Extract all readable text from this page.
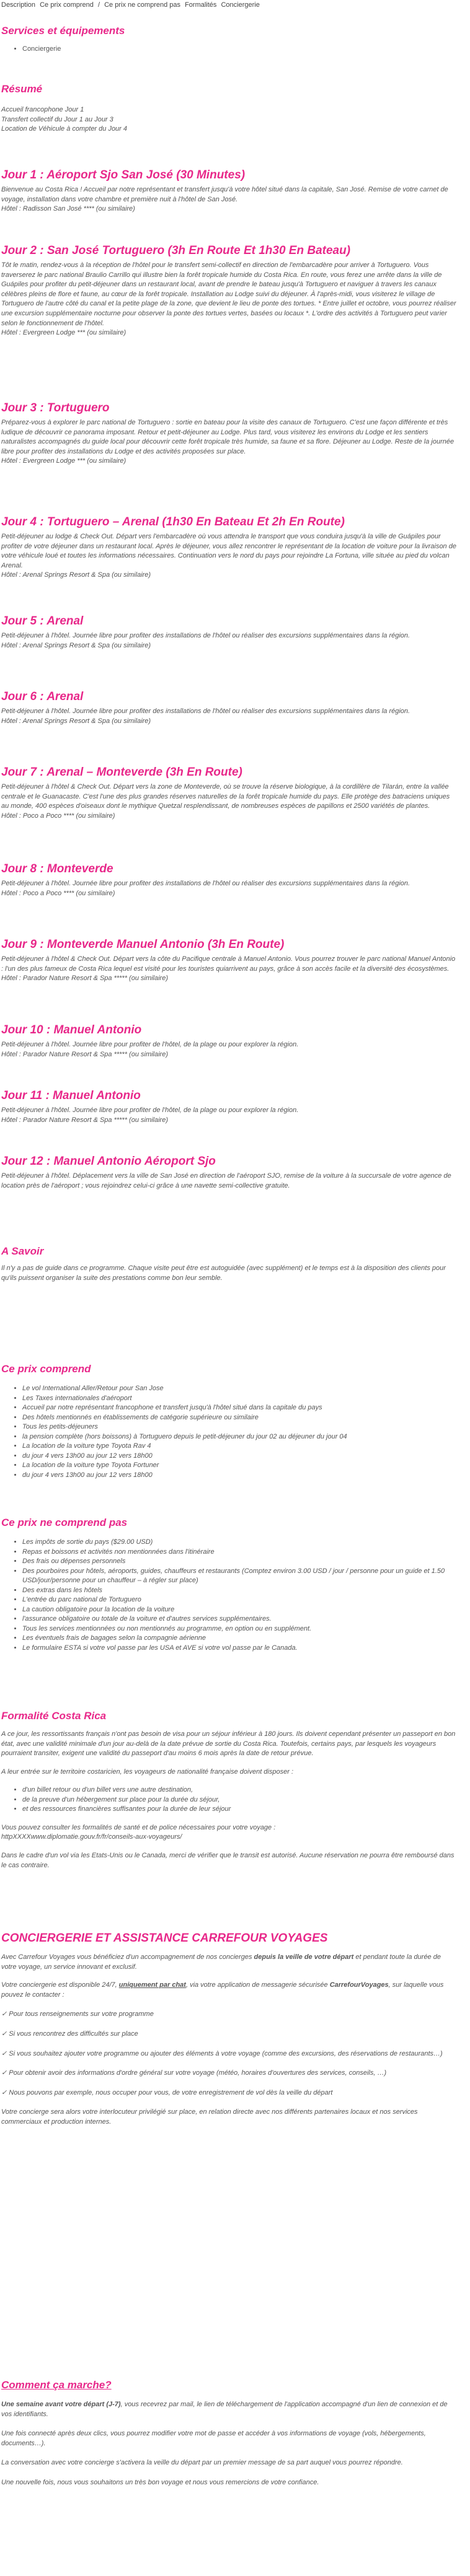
Description Ce prix comprend / Ce prix ne comprend pas Formalités Conciergerie
Services et équipements
• Conciergerie
Résumé

Accueil francophone Jour 1

Transfert collectif du Jour 1 au Jour 3

Location de Véhicule à compter du Jour 4

Jour 1 : Aéroport Sjo San José (30 Minutes)

Bienvenue au Costa Rica ! Accueil par notre représentant et transfert jusqu'à votre hôtel situé dans la capitale, San José. Remise de votre carnet de voyage, installation dans votre chambre et première nuit à l'hôtel de San José.

Hôtel : Radisson San José **** (ou similaire)

Jour 2 : San José Tortuguero (3h En Route Et 1h30 En Bateau)

Tôt le matin, rendez-vous à la réception de l'hôtel pour le transfert semi-collectif en direction de l'embarcadère pour arriver à Tortuguero. Vous traverserez le parc national Braulio Carrillo qui illustre bien la forêt tropicale humide du Costa Rica. En route, vous ferez une arrête dans la ville de Guápiles pour profiter du petit-déjeuner dans un restaurant local, avant de prendre le bateau jusqu'à Tortuguero et naviguer à travers les canaux célèbres pleins de flore et faune, au cœur de la forêt tropicale. Installation au Lodge suivi du déjeuner. À l'après-midi, vous visiterez le village de Tortuguero de l'autre côté du canal et la petite plage de la zone, que devient le lieu de ponte des tortues. * Entre juillet et octobre, vous pourrez réaliser une excursion supplémentaire nocturne pour observer la ponte des tortues vertes, basées ou locaux *. L'ordre des activités à Tortuguero peut varier selon le fonctionnement de l'hôtel.

Hôtel : Evergreen Lodge *** (ou similaire)

Jour 3 : Tortuguero

Préparez-vous à explorer le parc national de Tortuguero : sortie en bateau pour la visite des canaux de Tortuguero. C'est une façon différente et très ludique de découvrir ce panorama imposant. Retour et petit-déjeuner au Lodge. Plus tard, vous visiterez les environs du Lodge et les sentiers naturalistes accompagnés du guide local pour découvrir cette forêt tropicale très humide, sa faune et sa flore. Déjeuner au Lodge. Reste de la journée libre pour profiter des installations du Lodge et des activités proposées sur place.

Hôtel : Evergreen Lodge *** (ou similaire)

Jour 4 : Tortuguero – Arenal (1h30 En Bateau Et 2h En Route)

Petit-déjeuner au lodge & Check Out. Départ vers l'embarcadère où vous attendra le transport que vous conduira jusqu'à la ville de Guápiles pour profiter de votre déjeuner dans un restaurant local. Après le déjeuner, vous allez rencontrer le représentant de la location de voiture pour la livraison de votre véhicule loué et toutes les informations nécessaires. Continuation vers le nord du pays pour rejoindre La Fortuna, ville située au pied du volcan Arenal.

Hôtel : Arenal Springs Resort & Spa (ou similaire)

Jour 5 : Arenal

Petit-déjeuner à l'hôtel. Journée libre pour profiter des installations de l'hôtel ou réaliser des excursions supplémentaires dans la région.

Hôtel : Arenal Springs Resort & Spa (ou similaire)

Jour 6 : Arenal

Petit-déjeuner à l'hôtel. Journée libre pour profiter des installations de l'hôtel ou réaliser des excursions supplémentaires dans la région.

Hôtel : Arenal Springs Resort & Spa (ou similaire)

Jour 7 : Arenal – Monteverde (3h En Route)

Petit-déjeuner à l'hôtel & Check Out. Départ vers la zone de Monteverde, où se trouve la réserve biologique, à la cordillère de Tilarán, entre la vallée centrale et le Guanacaste. C'est l'une des plus grandes réserves naturelles de la forêt tropicale humide du pays. Elle protège des batraciens uniques au monde, 400 espèces d'oiseaux dont le mythique Quetzal resplendissant, de nombreuses espèces de papillons et 2500 variétés de plantes.

Hôtel : Poco a Poco **** (ou similaire)

Jour 8 : Monteverde

Petit-déjeuner à l'hôtel. Journée libre pour profiter des installations de l'hôtel ou réaliser des excursions supplémentaires dans la région.

Hôtel : Poco a Poco **** (ou similaire)

Jour 9 : Monteverde Manuel Antonio (3h En Route)

Petit-déjeuner à l'hôtel & Check Out. Départ vers la côte du Pacifique centrale à Manuel Antonio. Vous pourrez trouver le parc national Manuel Antonio : l'un des plus fameux de Costa Rica lequel est visité pour les touristes quiarrivent au pays, grâce à son accès facile et la diversité des écosystèmes.

Hôtel : Parador Nature Resort & Spa ***** (ou similaire)

Jour 10 : Manuel Antonio

Petit-déjeuner à l'hôtel. Journée libre pour profiter de l'hôtel, de la plage ou pour explorer la région.

Hôtel : Parador Nature Resort & Spa ***** (ou similaire)

Jour 11 : Manuel Antonio

Petit-déjeuner à l'hôtel. Journée libre pour profiter de l'hôtel, de la plage ou pour explorer la région.

Hôtel : Parador Nature Resort & Spa ***** (ou similaire)

Jour 12 : Manuel Antonio Aéroport Sjo

Petit-déjeuner à l'hôtel. Déplacement vers la ville de San José en direction de l'aéroport SJO, remise de la voiture à la succursale de votre agence de location près de l'aéroport ; vous rejoindrez celui-ci grâce à une navette semi-collective gratuite.

A Savoir

Il n'y a pas de guide dans ce programme. Chaque visite peut être est autoguidée (avec supplément) et le temps est à la disposition des clients pour qu'ils puissent organiser la suite des prestations comme bon leur semble.

Ce prix comprend
• Le vol International Aller/Retour pour San Jose
• Les Taxes internationales d'aéroport
• Accueil par notre représentant francophone et transfert jusqu'à l'hôtel situé dans la capitale du pays
• Des hôtels mentionnés en établissements de catégorie supérieure ou similaire
• Tous les petits-déjeuners
• la pension complète (hors boissons) à Tortuguero depuis le petit-déjeuner du jour 02 au déjeuner du jour 04
• La location de la voiture type Toyota Rav 4
• du jour 4 vers 13h00 au jour 12 vers 18h00
• La location de la voiture type Toyota Fortuner
• du jour 4 vers 13h00 au jour 12 vers 18h00
Ce prix ne comprend pas
• Les impôts de sortie du pays ($29.00 USD)
• Repas et boissons et activités non mentionnées dans l'itinéraire
• Des frais ou dépenses personnels
• Des pourboires pour hôtels, aéroports, guides, chauffeurs et restaurants (Comptez environ 3.00 USD / jour / personne pour un guide et 1.50 USD/jour/personne pour un chauffeur – à régler sur place)
• Des extras dans les hôtels
• L'entrée du parc national de Tortuguero
• La caution obligatoire pour la location de la voiture
• l'assurance obligatoire ou totale de la voiture et d'autres services supplémentaires.
• Tous les services mentionnées ou non mentionnés au programme, en option ou en supplément.
• Les éventuels frais de bagages selon la compagnie aérienne
• Le formulaire ESTA si votre vol passe par les USA et AVE si votre vol passe par le Canada.
Formalité Costa Rica

A ce jour, les ressortissants français n'ont pas besoin de visa pour un séjour inférieur à 180 jours. Ils doivent cependant présenter un passeport en bon état, avec une validité minimale d'un jour au-delà de la date prévue de sortie du Costa Rica. Toutefois, certains pays, par lesquels les voyageurs pourraient transiter, exigent une validité du passeport d'au moins 6 mois après la date de retour prévue.

A leur entrée sur le territoire costaricien, les voyageurs de nationalité française doivent disposer :

• d'un billet retour ou d'un billet vers une autre destination,
• de la preuve d'un hébergement sur place pour la durée du séjour,
• et des ressources financières suffisantes pour la durée de leur séjour

Vous pouvez consulter les formalités de santé et de police nécessaires pour votre voyage :

httpXXXXwww.diplomatie.gouv.fr/fr/conseils-aux-voyageurs/

Dans le cadre d'un vol via les Etats-Unis ou le Canada, merci de vérifier que le transit est autorisé. Aucune réservation ne pourra être remboursé dans le cas contraire.

CONCIERGERIE ET ASSISTANCE CARREFOUR VOYAGES

Avec Carrefour Voyages vous bénéficiez d'un accompagnement de nos concierges depuis la veille de votre départ et pendant toute la durée de votre voyage, un service innovant et exclusif.

Votre conciergerie est disponible 24/7, uniquement par chat, via votre application de messagerie sécurisée CarrefourVoyages, sur laquelle vous pouvez le contacter :

✓ Pour tous renseignements sur votre programme

✓ Si vous rencontrez des difficultés sur place

✓ Si vous souhaitez ajouter votre programme ou ajouter des éléments à votre voyage (comme des excursions, des réservations de restaurants…)

✓ Pour obtenir avoir des informations d'ordre général sur votre voyage (météo, horaires d'ouvertures des services, conseils, …)

✓ Nous pouvons par exemple, nous occuper pour vous, de votre enregistrement de vol dès la veille du départ

Votre concierge sera alors votre interlocuteur privilégié sur place, en relation directe avec nos différents partenaires locaux et nos services commerciaux et production internes.

Comment ça marche?

Une semaine avant votre départ (J-7), vous recevrez par mail, le lien de téléchargement de l'application accompagné d'un lien de connexion et de vos identifiants.

Une fois connecté après deux clics, vous pourrez modifier votre mot de passe et accéder à vos informations de voyage (vols, hébergements, documents…).

La conversation avec votre concierge s'activera la veille du départ par un premier message de sa part auquel vous pourrez répondre.

Une nouvelle fois, nous vous souhaitons un très bon voyage et nous vous remercions de votre confiance.
